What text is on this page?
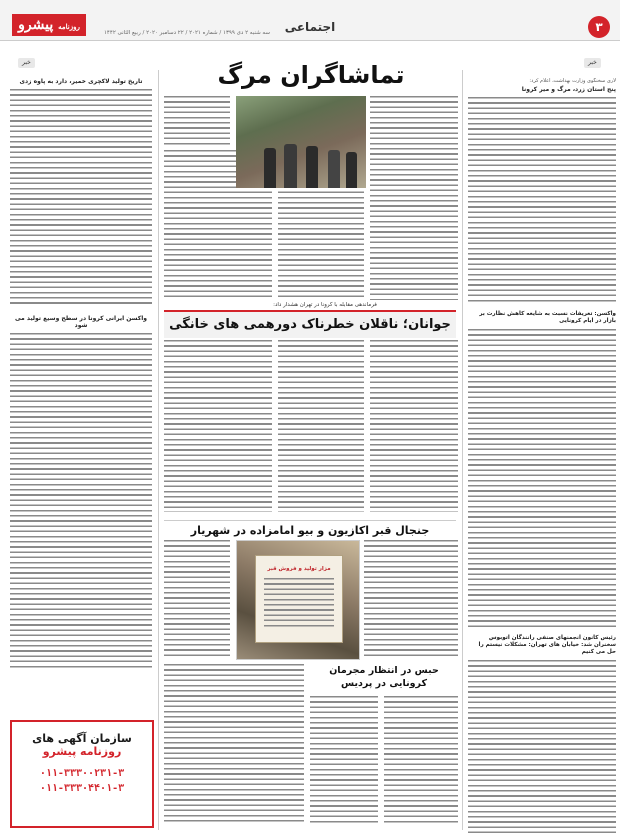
روزنامه پیشرو	سه شنبه ۲ دی ۱۳۹۹ / شماره ۲۰۲۱ / ۲۲ دسامبر ۲۰۲۰ / ربیع الثانی ۱۴۴۲	اجتماعی	۳
خبر
خبر	تماشاگران مرگ	لاری سخنگوی وزارت بهداشت، اعلام کرد:
پنج استان زرد، مرگ و میر کرونا
واکسن: تعریفات نسبت به شایعه کاهش نظارت بر بازار در ایام کرونایی
رئیس کانون انجمنهای صنفی رانندگان اتوبوس سخنران شد: خیابان های تهران: مشکلات نیستم را حل می کنیم
فرماندهی مقابله با کرونا در تهران هشدار داد:
جوانان؛ ناقلان خطرناک دورهمی های خانگی
جنجال قبر اکازیون و بیو امامزاده در شهریار
مزار تولید و فروش قبر
حبس در انتظار مجرمان کرونایی در پردیس
تاریخ تولید لاکچری خمیر، دارد به پاوه زدی
واکسن ایرانی کرونا در سطح وسیع تولید می شود
سازمان آگهی های
روزنامه پیشرو
۰۱۱-۳۳۳۰۰۲۳۱-۳
۰۱۱-۳۳۳۰۴۴۰۱-۳
